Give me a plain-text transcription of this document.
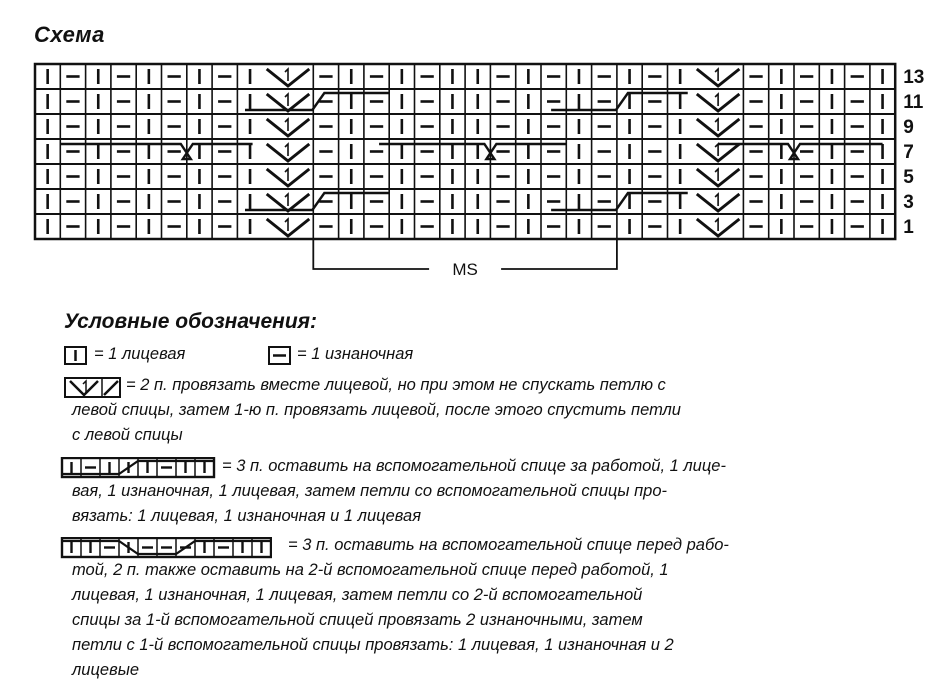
Схема
13
11
9
7
5
3
1
MS
Условные обозначения:
= 1 лицевая	= 1 изнаночная
= 2 п. провязать вместе лицевой, но при этом не спускать петлю с
левой спицы, затем 1-ю п. провязать лицевой, после этого спустить петли
с левой спицы
= 3 п. оставить на вспомогательной спице за работой, 1 лице-
вая, 1 изнаночная, 1 лицевая, затем петли со вспомогательной спицы про-
вязать: 1 лицевая, 1 изнаночная и 1 лицевая
= 3 п. оставить на вспомогательной спице перед рабо-
той, 2 п. также оставить на 2-й вспомогательной спице перед работой, 1
лицевая, 1 изнаночная, 1 лицевая, затем петли со 2-й вспомогательной
спицы за 1-й вспомогательной спицей провязать 2 изнаночными, затем
петли с 1-й вспомогательной спицы провязать: 1 лицевая, 1 изнаночная и 2
лицевые
